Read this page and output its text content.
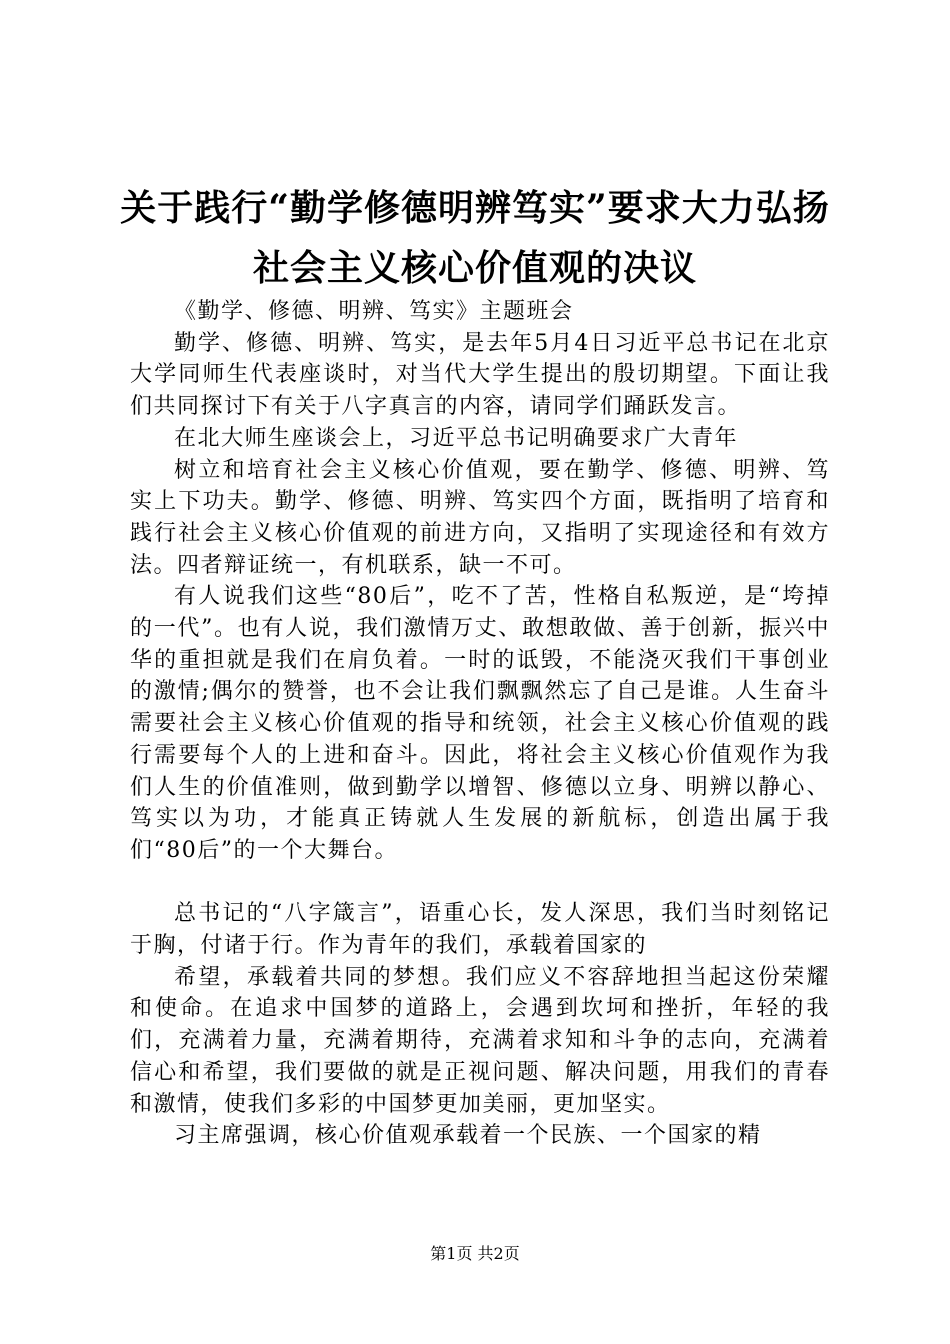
关于践行“勤学修德明辨笃实”要求大力弘扬
社会主义核心价值观的决议

《勤学、修德、明辨、笃实》主题班会

勤学、修德、明辨、笃实，是去年5月4日习近平总书记在北京大学同师生代表座谈时，对当代大学生提出的殷切期望。下面让我们共同探讨下有关于八字真言的内容，请同学们踊跃发言。

在北大师生座谈会上，习近平总书记明确要求广大青年

树立和培育社会主义核心价值观，要在勤学、修德、明辨、笃实上下功夫。勤学、修德、明辨、笃实四个方面，既指明了培育和践行社会主义核心价值观的前进方向，又指明了实现途径和有效方法。四者辩证统一，有机联系，缺一不可。

有人说我们这些“80后”，吃不了苦，性格自私叛逆，是“垮掉的一代”。也有人说，我们激情万丈、敢想敢做、善于创新，振兴中华的重担就是我们在肩负着。一时的诋毁，不能浇灭我们干事创业的激情;偶尔的赞誉，也不会让我们飘飘然忘了自己是谁。人生奋斗需要社会主义核心价值观的指导和统领，社会主义核心价值观的践行需要每个人的上进和奋斗。因此，将社会主义核心价值观作为我们人生的价值准则，做到勤学以增智、修德以立身、明辨以静心、笃实以为功，才能真正铸就人生发展的新航标，创造出属于我们“80后”的一个大舞台。

总书记的“八字箴言”，语重心长，发人深思，我们当时刻铭记于胸，付诸于行。作为青年的我们，承载着国家的

希望，承载着共同的梦想。我们应义不容辞地担当起这份荣耀和使命。在追求中国梦的道路上，会遇到坎坷和挫折，年轻的我们，充满着力量，充满着期待，充满着求知和斗争的志向，充满着信心和希望，我们要做的就是正视问题、解决问题，用我们的青春和激情，使我们多彩的中国梦更加美丽，更加坚实。

习主席强调，核心价值观承载着一个民族、一个国家的精

第1页 共2页
